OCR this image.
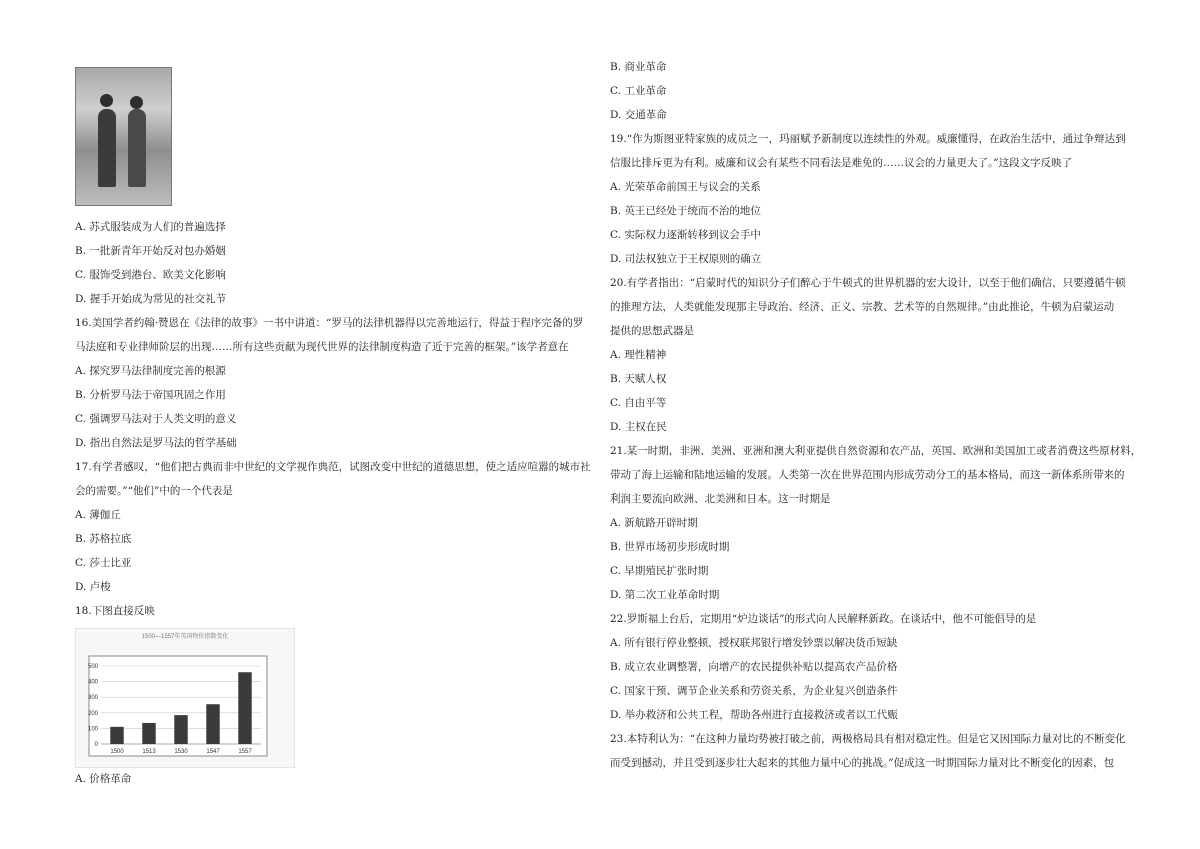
A. 苏式服装成为人们的普遍选择
B. 一批新青年开始反对包办婚姻
C. 服饰受到港台、欧美文化影响
D. 握手开始成为常见的社交礼节
16.美国学者约翰·赞恩在《法律的故事》一书中讲道：“罗马的法律机器得以完善地运行，得益于程序完备的罗
马法庭和专业律师阶层的出现……所有这些贡献为现代世界的法律制度构造了近于完善的框架。”该学者意在
A. 探究罗马法律制度完善的根源
B. 分析罗马法于帝国巩固之作用
C. 强调罗马法对于人类文明的意义
D. 指出自然法是罗马法的哲学基础
17.有学者感叹，“他们把古典而非中世纪的文学视作典范，试图改变中世纪的道德思想，使之适应喧嚣的城市社
会的需要。”“他们”中的一个代表是
A. 薄伽丘
B. 苏格拉底
C. 莎士比亚
D. 卢梭
18.下图直接反映
1500—1557年英国物价指数变化
0
100
200
300
400
500
1500	1513	1530	1547	1557
A. 价格革命
B. 商业革命
C. 工业革命
D. 交通革命
19.“作为斯图亚特家族的成员之一，玛丽赋予新制度以连续性的外观。威廉懂得，在政治生活中，通过争辩达到
信服比排斥更为有利。威廉和议会有某些不同看法是难免的……议会的力量更大了。”这段文字反映了
A. 光荣革命前国王与议会的关系
B. 英王已经处于统而不治的地位
C. 实际权力逐渐转移到议会手中
D. 司法权独立于王权原则的确立
20.有学者指出：“启蒙时代的知识分子们醉心于牛顿式的世界机器的宏大设计，以至于他们确信，只要遵循牛顿
的推理方法，人类就能发现那主导政治、经济、正义、宗教、艺术等的自然规律。”由此推论，牛顿为启蒙运动
提供的思想武器是
A. 理性精神
B. 天赋人权
C. 自由平等
D. 主权在民
21.某一时期，非洲、美洲、亚洲和澳大利亚提供自然资源和农产品，英国、欧洲和美国加工或者消费这些原材料，
带动了海上运输和陆地运输的发展。人类第一次在世界范围内形成劳动分工的基本格局，而这一新体系所带来的
利润主要流向欧洲、北美洲和日本。这一时期是
A. 新航路开辟时期
B. 世界市场初步形成时期
C. 早期殖民扩张时期
D. 第二次工业革命时期
22.罗斯福上台后，定期用“炉边谈话”的形式向人民解释新政。在谈话中，他不可能倡导的是
A. 所有银行停业整顿，授权联邦银行增发钞票以解决货币短缺
B. 成立农业调整署，向增产的农民提供补贴以提高农产品价格
C. 国家干预、调节企业关系和劳资关系，为企业复兴创造条件
D. 举办救济和公共工程，帮助各州进行直接救济或者以工代赈
23.本特利认为：“在这种力量均势被打破之前，两极格局具有相对稳定性。但是它又因国际力量对比的不断变化
而受到撼动，并且受到逐步壮大起来的其他力量中心的挑战。”促成这一时期国际力量对比不断变化的因素，包
